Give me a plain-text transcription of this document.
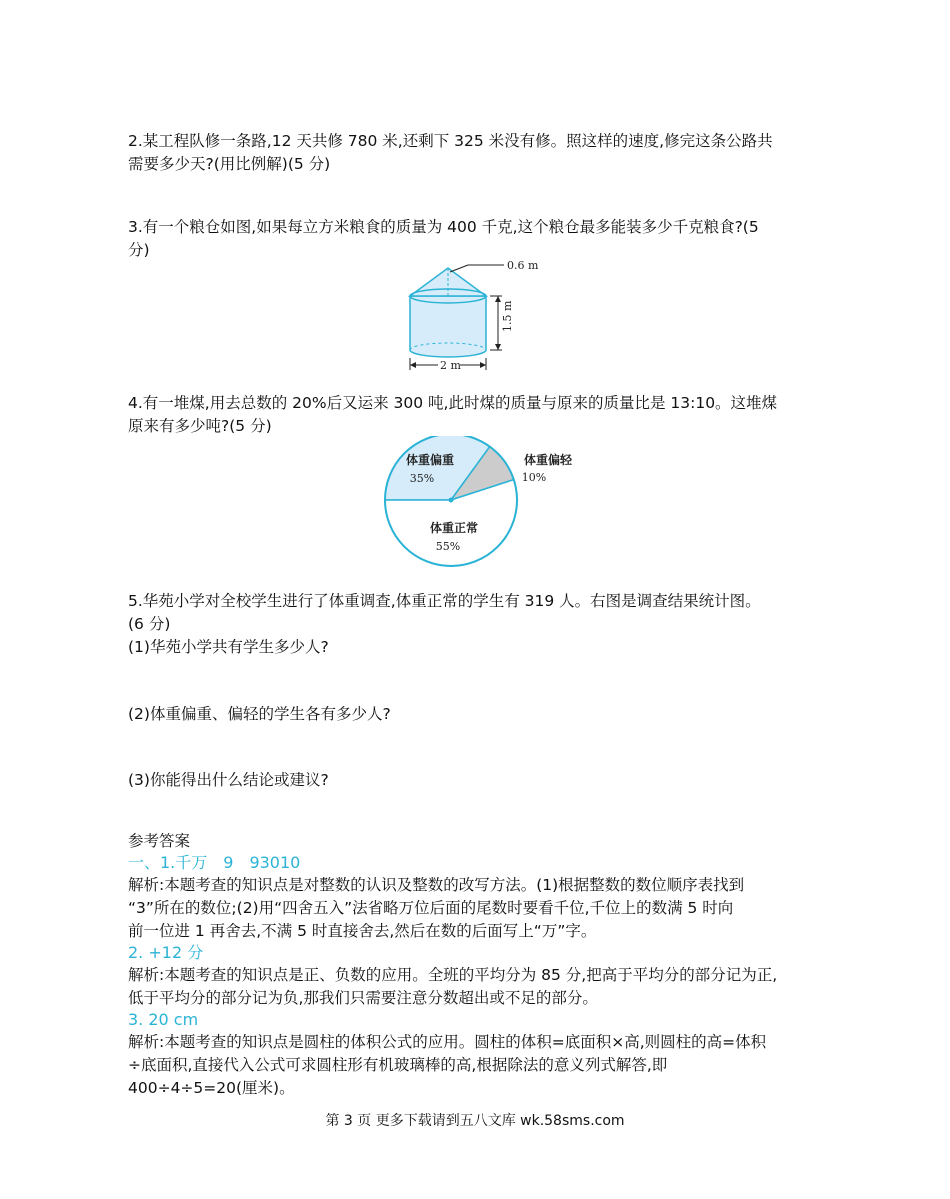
2.某工程队修一条路,12 天共修 780 米,还剩下 325 米没有修。照这样的速度,修完这条公路共

需要多少天?(用比例解)(5 分)

3.有一个粮仓如图,如果每立方米粮食的质量为 400 千克,这个粮仓最多能装多少千克粮食?(5

分)

0.6 m
1.5 m
2 m

4.有一堆煤,用去总数的 20%后又运来 300 吨,此时煤的质量与原来的质量比是 13:10。这堆煤

原来有多少吨?(5 分)

体重偏重
35%
体重偏轻
10%
体重正常
55%

5.华苑小学对全校学生进行了体重调查,体重正常的学生有 319 人。右图是调查结果统计图。

(6 分)

(1)华苑小学共有学生多少人?

(2)体重偏重、偏轻的学生各有多少人?

(3)你能得出什么结论或建议?

参考答案

一、1.千万　9　93010

解析:本题考查的知识点是对整数的认识及整数的改写方法。(1)根据整数的数位顺序表找到

“3”所在的数位;(2)用“四舍五入”法省略万位后面的尾数时要看千位,千位上的数满 5 时向

前一位进 1 再舍去,不满 5 时直接舍去,然后在数的后面写上“万”字。

2. +12 分

解析:本题考查的知识点是正、负数的应用。全班的平均分为 85 分,把高于平均分的部分记为正,

低于平均分的部分记为负,那我们只需要注意分数超出或不足的部分。

3. 20 cm

解析:本题考查的知识点是圆柱的体积公式的应用。圆柱的体积=底面积×高,则圆柱的高=体积

÷底面积,直接代入公式可求圆柱形有机玻璃棒的高,根据除法的意义列式解答,即

400÷4÷5=20(厘米)。

第 3 页 更多下载请到五八文库 wk.58sms.com
